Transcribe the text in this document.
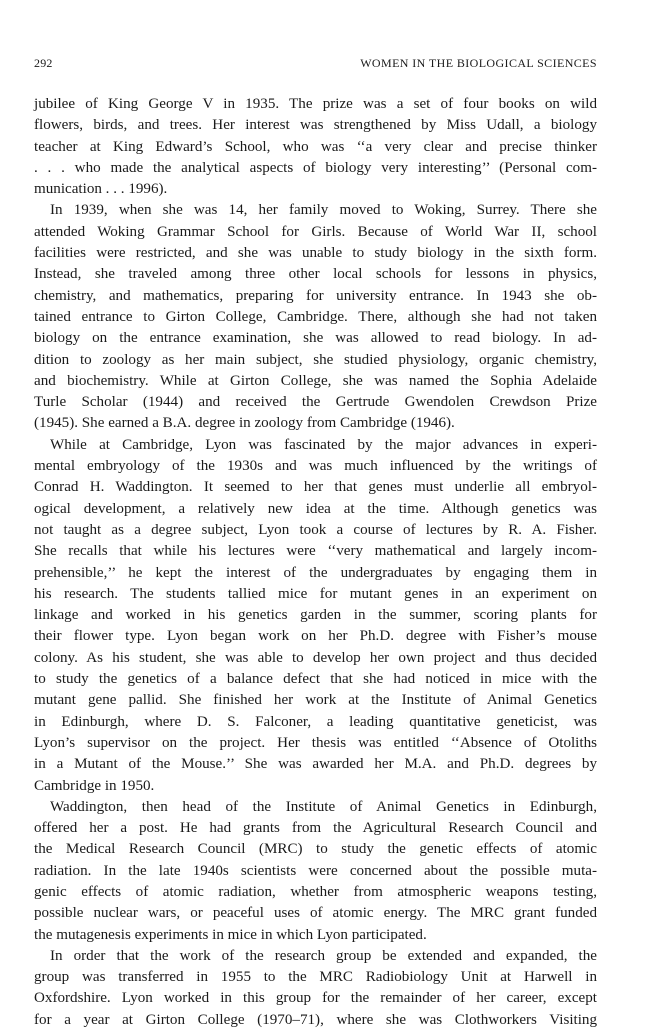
292	WOMEN IN THE BIOLOGICAL SCIENCES

jubilee of King George V in 1935. The prize was a set of four books on wild

flowers, birds, and trees. Her interest was strengthened by Miss Udall, a biology

teacher at King Edward’s School, who was ‘‘a very clear and precise thinker

. . . who made the analytical aspects of biology very interesting’’ (Personal com-

munication . . . 1996).

In 1939, when she was 14, her family moved to Woking, Surrey. There she

attended Woking Grammar School for Girls. Because of World War II, school

facilities were restricted, and she was unable to study biology in the sixth form.

Instead, she traveled among three other local schools for lessons in physics,

chemistry, and mathematics, preparing for university entrance. In 1943 she ob-

tained entrance to Girton College, Cambridge. There, although she had not taken

biology on the entrance examination, she was allowed to read biology. In ad-

dition to zoology as her main subject, she studied physiology, organic chemistry,

and biochemistry. While at Girton College, she was named the Sophia Adelaide

Turle Scholar (1944) and received the Gertrude Gwendolen Crewdson Prize

(1945). She earned a B.A. degree in zoology from Cambridge (1946).

While at Cambridge, Lyon was fascinated by the major advances in experi-

mental embryology of the 1930s and was much influenced by the writings of

Conrad H. Waddington. It seemed to her that genes must underlie all embryol-

ogical development, a relatively new idea at the time. Although genetics was

not taught as a degree subject, Lyon took a course of lectures by R. A. Fisher.

She recalls that while his lectures were ‘‘very mathematical and largely incom-

prehensible,’’ he kept the interest of the undergraduates by engaging them in

his research. The students tallied mice for mutant genes in an experiment on

linkage and worked in his genetics garden in the summer, scoring plants for

their flower type. Lyon began work on her Ph.D. degree with Fisher’s mouse

colony. As his student, she was able to develop her own project and thus decided

to study the genetics of a balance defect that she had noticed in mice with the

mutant gene pallid. She finished her work at the Institute of Animal Genetics

in Edinburgh, where D. S. Falconer, a leading quantitative geneticist, was

Lyon’s supervisor on the project. Her thesis was entitled ‘‘Absence of Otoliths

in a Mutant of the Mouse.’’ She was awarded her M.A. and Ph.D. degrees by

Cambridge in 1950.

Waddington, then head of the Institute of Animal Genetics in Edinburgh,

offered her a post. He had grants from the Agricultural Research Council and

the Medical Research Council (MRC) to study the genetic effects of atomic

radiation. In the late 1940s scientists were concerned about the possible muta-

genic effects of atomic radiation, whether from atmospheric weapons testing,

possible nuclear wars, or peaceful uses of atomic energy. The MRC grant funded

the mutagenesis experiments in mice in which Lyon participated.

In order that the work of the research group be extended and expanded, the

group was transferred in 1955 to the MRC Radiobiology Unit at Harwell in

Oxfordshire. Lyon worked in this group for the remainder of her career, except

for a year at Girton College (1970–71), where she was Clothworkers Visiting
